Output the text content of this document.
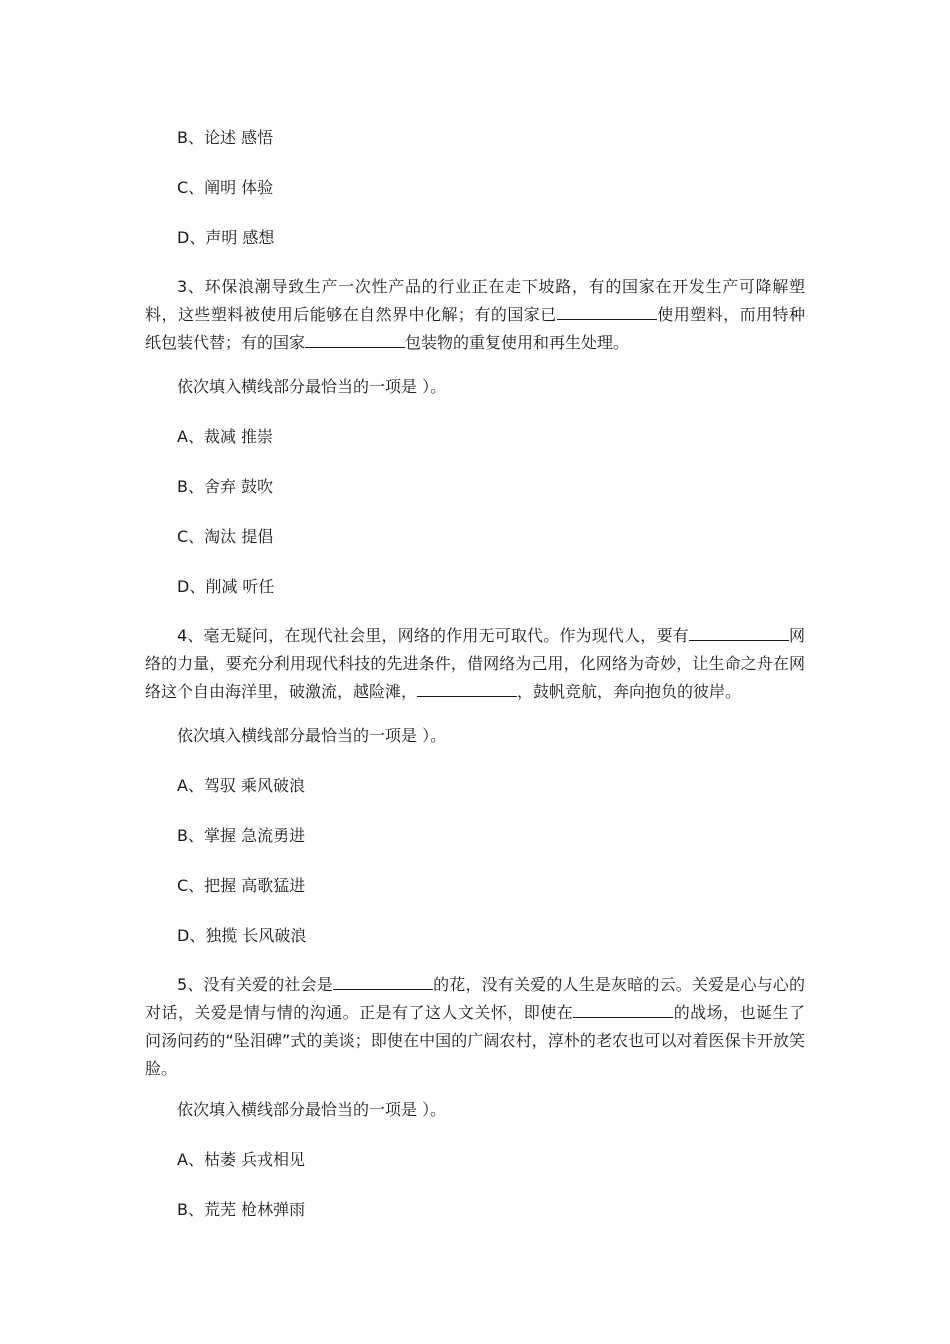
B、论述 感悟

C、阐明 体验

D、声明 感想

3、环保浪潮导致生产一次性产品的行业正在走下坡路，有的国家在开发生产可降解塑料，这些塑料被使用后能够在自然界中化解；有的国家已	使用塑料，而用特种纸包装代替；有的国家	包装物的重复使用和再生处理。

依次填入横线部分最恰当的一项是 ）。

A、裁减 推崇

B、舍弃 鼓吹

C、淘汰 提倡

D、削减 听任

4、毫无疑问，在现代社会里，网络的作用无可取代。作为现代人，要有	网络的力量，要充分利用现代科技的先进条件，借网络为己用，化网络为奇妙，让生命之舟在网络这个自由海洋里，破激流，越险滩，	，鼓帆竞航，奔向抱负的彼岸。

依次填入横线部分最恰当的一项是 ）。

A、驾驭 乘风破浪

B、掌握 急流勇进

C、把握 高歌猛进

D、独揽 长风破浪

5、没有关爱的社会是	的花，没有关爱的人生是灰暗的云。关爱是心与心的对话，关爱是情与情的沟通。正是有了这人文关怀，即使在	的战场，也诞生了问汤问药的“坠泪碑”式的美谈；即使在中国的广阔农村，淳朴的老农也可以对着医保卡开放笑脸。

依次填入横线部分最恰当的一项是 ）。

A、枯萎 兵戎相见

B、荒芜 枪林弹雨
